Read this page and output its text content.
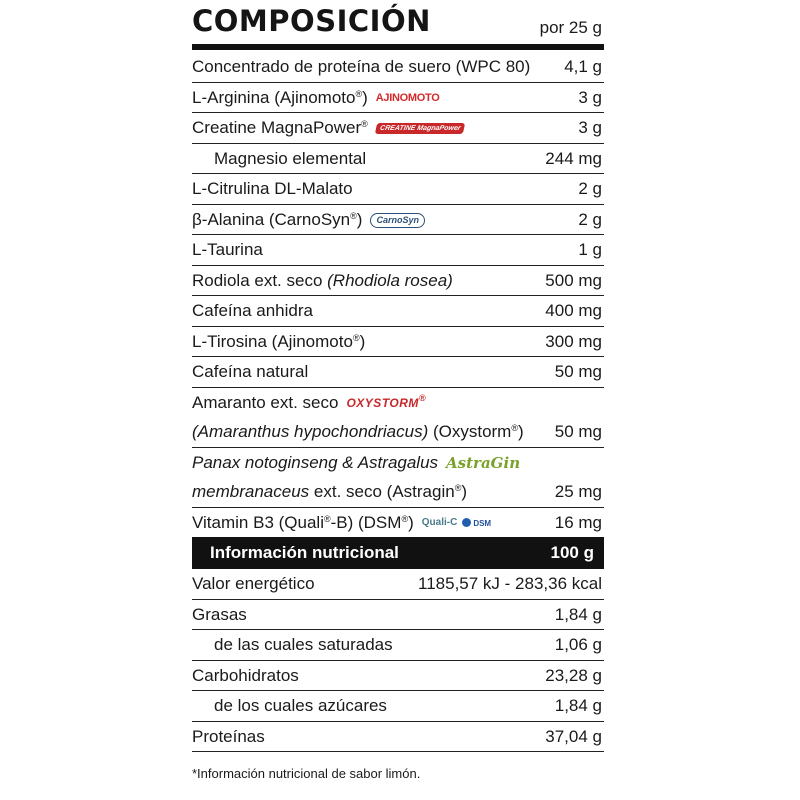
COMPOSICIÓN	por 25 g
Concentrado de proteína de suero (WPC 80) 4,1 g
L-Arginina (Ajinomoto®) AJINOMOTO	3 g
Creatine MagnaPower® CREATINE MagnaPower	3 g
Magnesio elemental	244 mg
L-Citrulina DL-Malato	2 g
β-Alanina (CarnoSyn®) CarnoSyn	2 g
L-Taurina	1 g
Rodiola ext. seco (Rhodiola rosea)	500 mg
Cafeína anhidra	400 mg
L-Tirosina (Ajinomoto®)	300 mg
Cafeína natural	50 mg
Amaranto ext. seco OXYSTORM®
(Amaranthus hypochondriacus) (Oxystorm®) 50 mg
Panax notoginseng & Astragalus AstraGin
membranaceus ext. seco (Astragin®)	25 mg
Vitamin B3 (Quali®-B) (DSM®) Quali-C DSM	16 mg
Información nutricional	100 g
Valor energético	1185,57 kJ - 283,36 kcal
Grasas	1,84 g
de las cuales saturadas	1,06 g
Carbohidratos	23,28 g
de los cuales azúcares	1,84 g
Proteínas	37,04 g
*Información nutricional de sabor limón.
